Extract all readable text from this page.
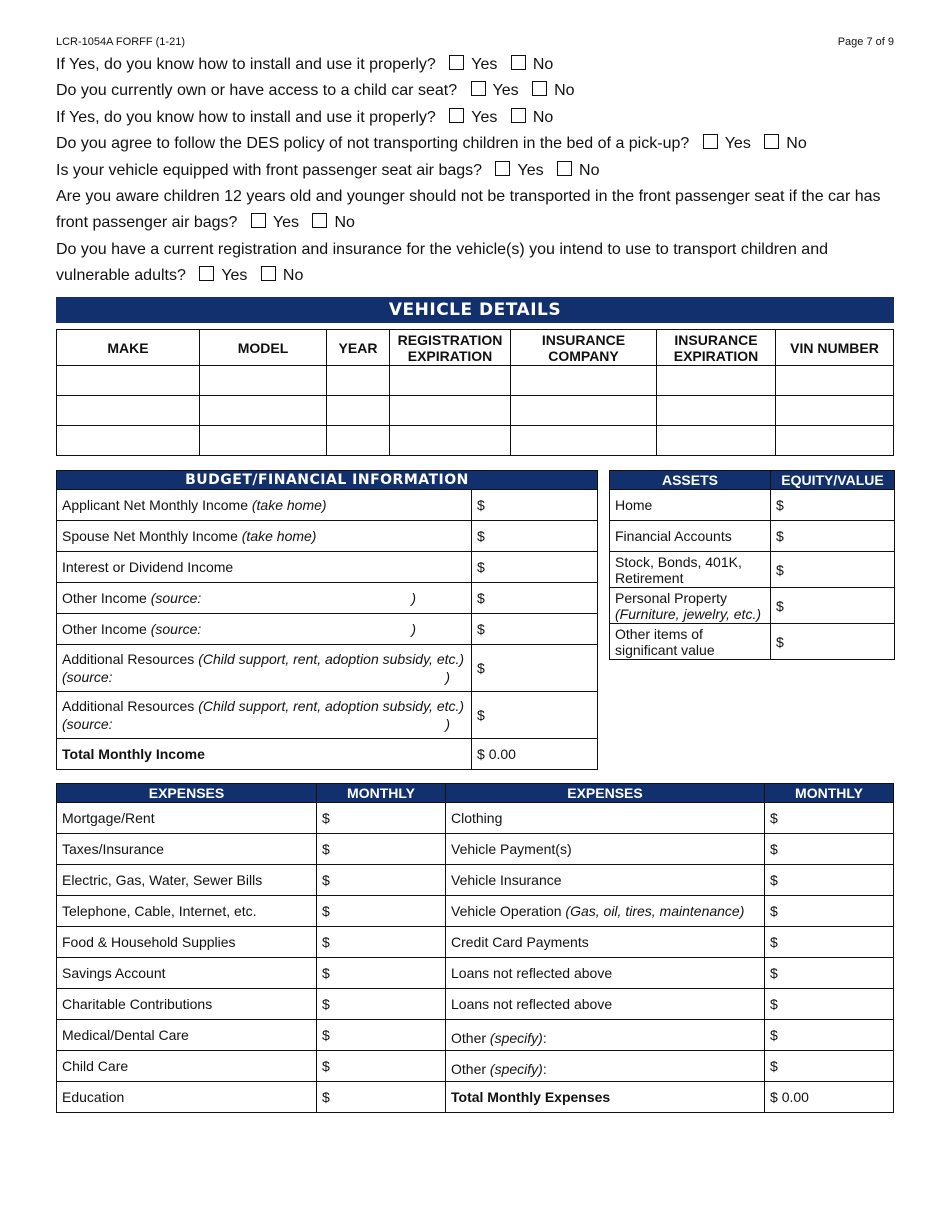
LCR-1054A FORFF (1-21)	Page 7 of 9
If Yes, do you know how to install and use it properly? Yes No
Do you currently own or have access to a child car seat? Yes No
If Yes, do you know how to install and use it properly? Yes No
Do you agree to follow the DES policy of not transporting children in the bed of a pick-up? Yes No
Is your vehicle equipped with front passenger seat air bags? Yes No
Are you aware children 12 years old and younger should not be transported in the front passenger seat if the car has front passenger air bags? Yes No
Do you have a current registration and insurance for the vehicle(s) you intend to use to transport children and vulnerable adults? Yes No
VEHICLE DETAILS
MAKE	MODEL	YEAR	REGISTRATION EXPIRATION	INSURANCE COMPANY	INSURANCE EXPIRATION	VIN NUMBER

BUDGET/FINANCIAL INFORMATION	
Applicant Net Monthly Income (take home)	$
Spouse Net Monthly Income (take home)	$
Interest or Dividend Income	$
Other Income (source: )	$
Other Income (source: )	$
Additional Resources (Child support, rent, adoption subsidy, etc.)
(source: )	$
Additional Resources (Child support, rent, adoption subsidy, etc.)
(source: )	$
Total Monthly Income	$ 0.00
ASSETS	EQUITY/VALUE
Home	$
Financial Accounts	$
Stock, Bonds, 401K,
Retirement	$
Personal Property
(Furniture, jewelry, etc.)	$
Other items of
significant value	$
EXPENSES	MONTHLY	EXPENSES	MONTHLY
Mortgage/Rent	$	Clothing	$
Taxes/Insurance	$	Vehicle Payment(s)	$
Electric, Gas, Water, Sewer Bills	$	Vehicle Insurance	$
Telephone, Cable, Internet, etc.	$	Vehicle Operation (Gas, oil, tires, maintenance)	$
Food & Household Supplies	$	Credit Card Payments	$
Savings Account	$	Loans not reflected above	$
Charitable Contributions	$	Loans not reflected above	$
Medical/Dental Care	$	Other (specify):	$
Child Care	$	Other (specify):	$
Education	$	Total Monthly Expenses	$ 0.00
